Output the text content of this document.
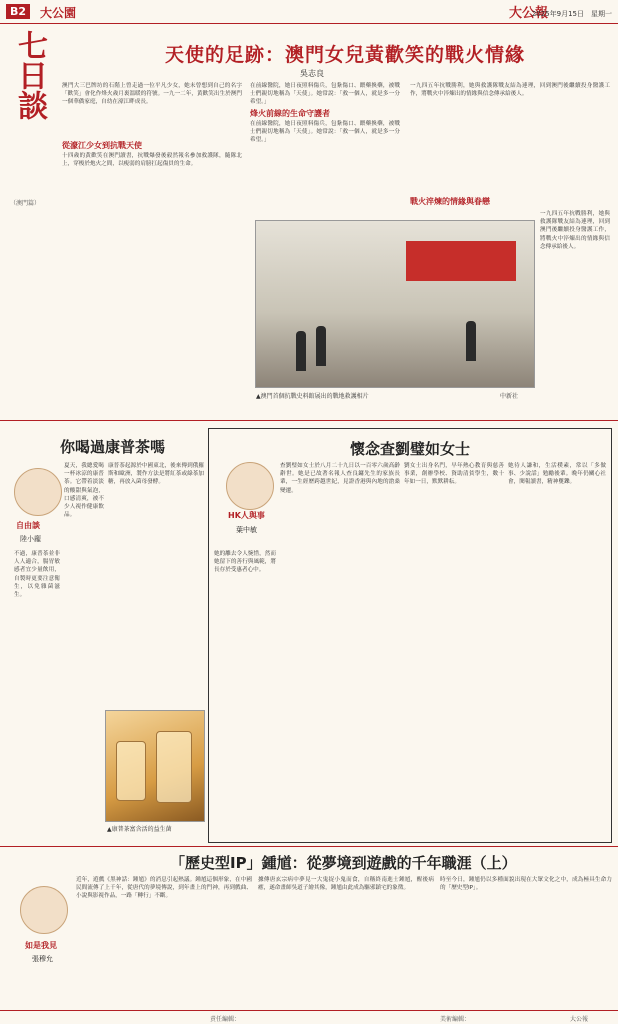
B2	大公園	大公報
2025年9月15日　星期一
七日談
（澳門篇）
天使的足跡：澳門女兒黃歡笑的戰火情緣
吳志良
從濠江少女到抗戰天使
澳門大三巴牌坊的石階上曾走過一位平凡少女，她未曾想到自己的名字「歡笑」會化作烽火歲月裏溫暖的符號。一九一二年，黃歡笑出生於澳門一個華僑家庭，自幼在濠江畔成長。
十四歲的黃歡笑在澳門讀書，抗戰爆發後毅然報名參加救護隊，隨隊北上，穿梭於炮火之間，以瘦弱的肩膀扛起傷員的生命。
烽火前線的生命守護者
在前線醫院，她日夜照料傷兵，包紮傷口、餵藥換藥，被戰士們親切地稱為「天使」。她常說：「救一個人，就是多一分希望。」
在前線醫院，她日夜照料傷兵，包紮傷口、餵藥換藥，被戰士們親切地稱為「天使」。她常說：「救一個人，就是多一分希望。」
戰火淬煉的情緣與眷戀
一九四五年抗戰勝利，她與救護隊戰友結為連理，回到澳門後繼續投身醫護工作，將戰火中淬煉出的情緣與信念傳承給後人。
一九四五年抗戰勝利，她與救護隊戰友結為連理，回到澳門後繼續投身醫護工作，將戰火中淬煉出的情緣與信念傳承給後人。
▲澳門首個抗戰史料館展出的戰地救護相片	中新社
你喝過康普茶嗎
自由談
陸小龐
夏天，我總愛喝一杯冰涼的康普茶。它帶着淡淡的酸甜與氣泡，口感清爽，被不少人視作健康飲品。
康普茶起源於中國東北，後來傳到俄羅斯和歐洲，製作方法是將紅茶或綠茶加糖，再放入菌母發酵。
不過，康普茶並非人人適合，腸胃敏感者宜少量飲用，自製時更要注意衛生，以免雜菌滋生。
▲康普茶富含活的益生菌
懷念查劉璧如女士
HK人與事
葉中敏
查劉璧如女士於八月二十九日以一百零六歲高齡辭世。她是已故著名報人查良鏞先生的家族長輩，一生經歷跨越世紀，見證香港與內地的滄桑變遷。
劉女士出身名門，早年熱心教育與慈善事業，創辦學校、資助清貧學生，數十年如一日，默默耕耘。
她待人謙和，生活樸素，常以「多做事、少說話」勉勵後輩。晚年仍關心社會，閱報讀書，精神矍鑠。
她的離去令人惋惜，然而她留下的善行與風範，將長存於受惠者心中。
「歷史型IP」鍾馗：從夢境到遊戲的千年職涯（上）
如是我見
張穆允
近年，遊戲《黑神話：鍾馗》的消息引起熱議。鍾馗這個形象，在中國民間流傳了上千年，從唐代的夢境傳說，到年畫上的門神，再到戲曲、小說與影視作品，一路「轉行」不斷。
據傳唐玄宗病中夢見一大鬼捉小鬼而食，自稱終南進士鍾馗，醒後病癒，遂命畫師吳道子繪其像，鍾馗由此成為驅邪鎮宅的象徵。
時至今日，鍾馗仍以多種面貌出現在大眾文化之中，成為極具生命力的「歷史型IP」。
責任編輯：	美術編輯：	大公報
